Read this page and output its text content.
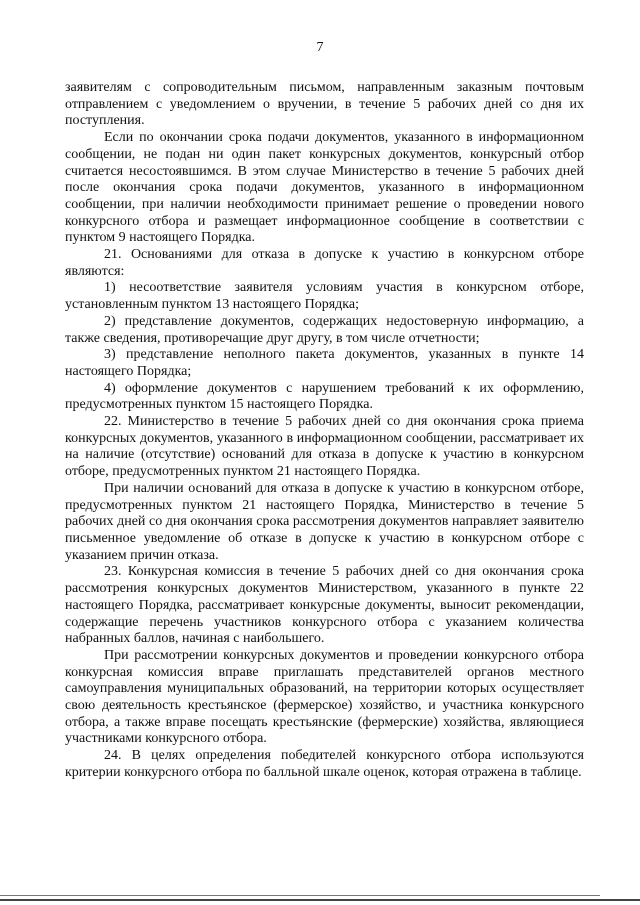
7

заявителям с сопроводительным письмом, направленным заказным почтовым отправлением с уведомлением о вручении, в течение 5 рабочих дней со дня их поступления.

Если по окончании срока подачи документов, указанного в информационном сообщении, не подан ни один пакет конкурсных документов, конкурсный отбор считается несостоявшимся. В этом случае Министерство в течение 5 рабочих дней после окончания срока подачи документов, указанного в информационном сообщении, при наличии необходимости принимает решение о проведении нового конкурсного отбора и размещает информационное сообщение в соответствии с пунктом 9 настоящего Порядка.

21. Основаниями для отказа в допуске к участию в конкурсном отборе являются:

1) несоответствие заявителя условиям участия в конкурсном отборе, установленным пунктом 13 настоящего Порядка;

2) представление документов, содержащих недостоверную информацию, а также сведения, противоречащие друг другу, в том числе отчетности;

3) представление неполного пакета документов, указанных в пункте 14 настоящего Порядка;

4) оформление документов с нарушением требований к их оформлению, предусмотренных пунктом 15 настоящего Порядка.

22. Министерство в течение 5 рабочих дней со дня окончания срока приема конкурсных документов, указанного в информационном сообщении, рассматривает их на наличие (отсутствие) оснований для отказа в допуске к участию в конкурсном отборе, предусмотренных пунктом 21 настоящего Порядка.

При наличии оснований для отказа в допуске к участию в конкурсном отборе, предусмотренных пунктом 21 настоящего Порядка, Министерство в течение 5 рабочих дней со дня окончания срока рассмотрения документов направляет заявителю письменное уведомление об отказе в допуске к участию в конкурсном отборе с указанием причин отказа.

23. Конкурсная комиссия в течение 5 рабочих дней со дня окончания срока рассмотрения конкурсных документов Министерством, указанного в пункте 22 настоящего Порядка, рассматривает конкурсные документы, выносит рекомендации, содержащие перечень участников конкурсного отбора с указанием количества набранных баллов, начиная с наибольшего.

При рассмотрении конкурсных документов и проведении конкурсного отбора конкурсная комиссия вправе приглашать представителей органов местного самоуправления муниципальных образований, на территории которых осуществляет свою деятельность крестьянское (фермерское) хозяйство, и участника конкурсного отбора, а также вправе посещать крестьянские (фермерские) хозяйства, являющиеся участниками конкурсного отбора.

24. В целях определения победителей конкурсного отбора используются критерии конкурсного отбора по балльной шкале оценок, которая отражена в таблице.
